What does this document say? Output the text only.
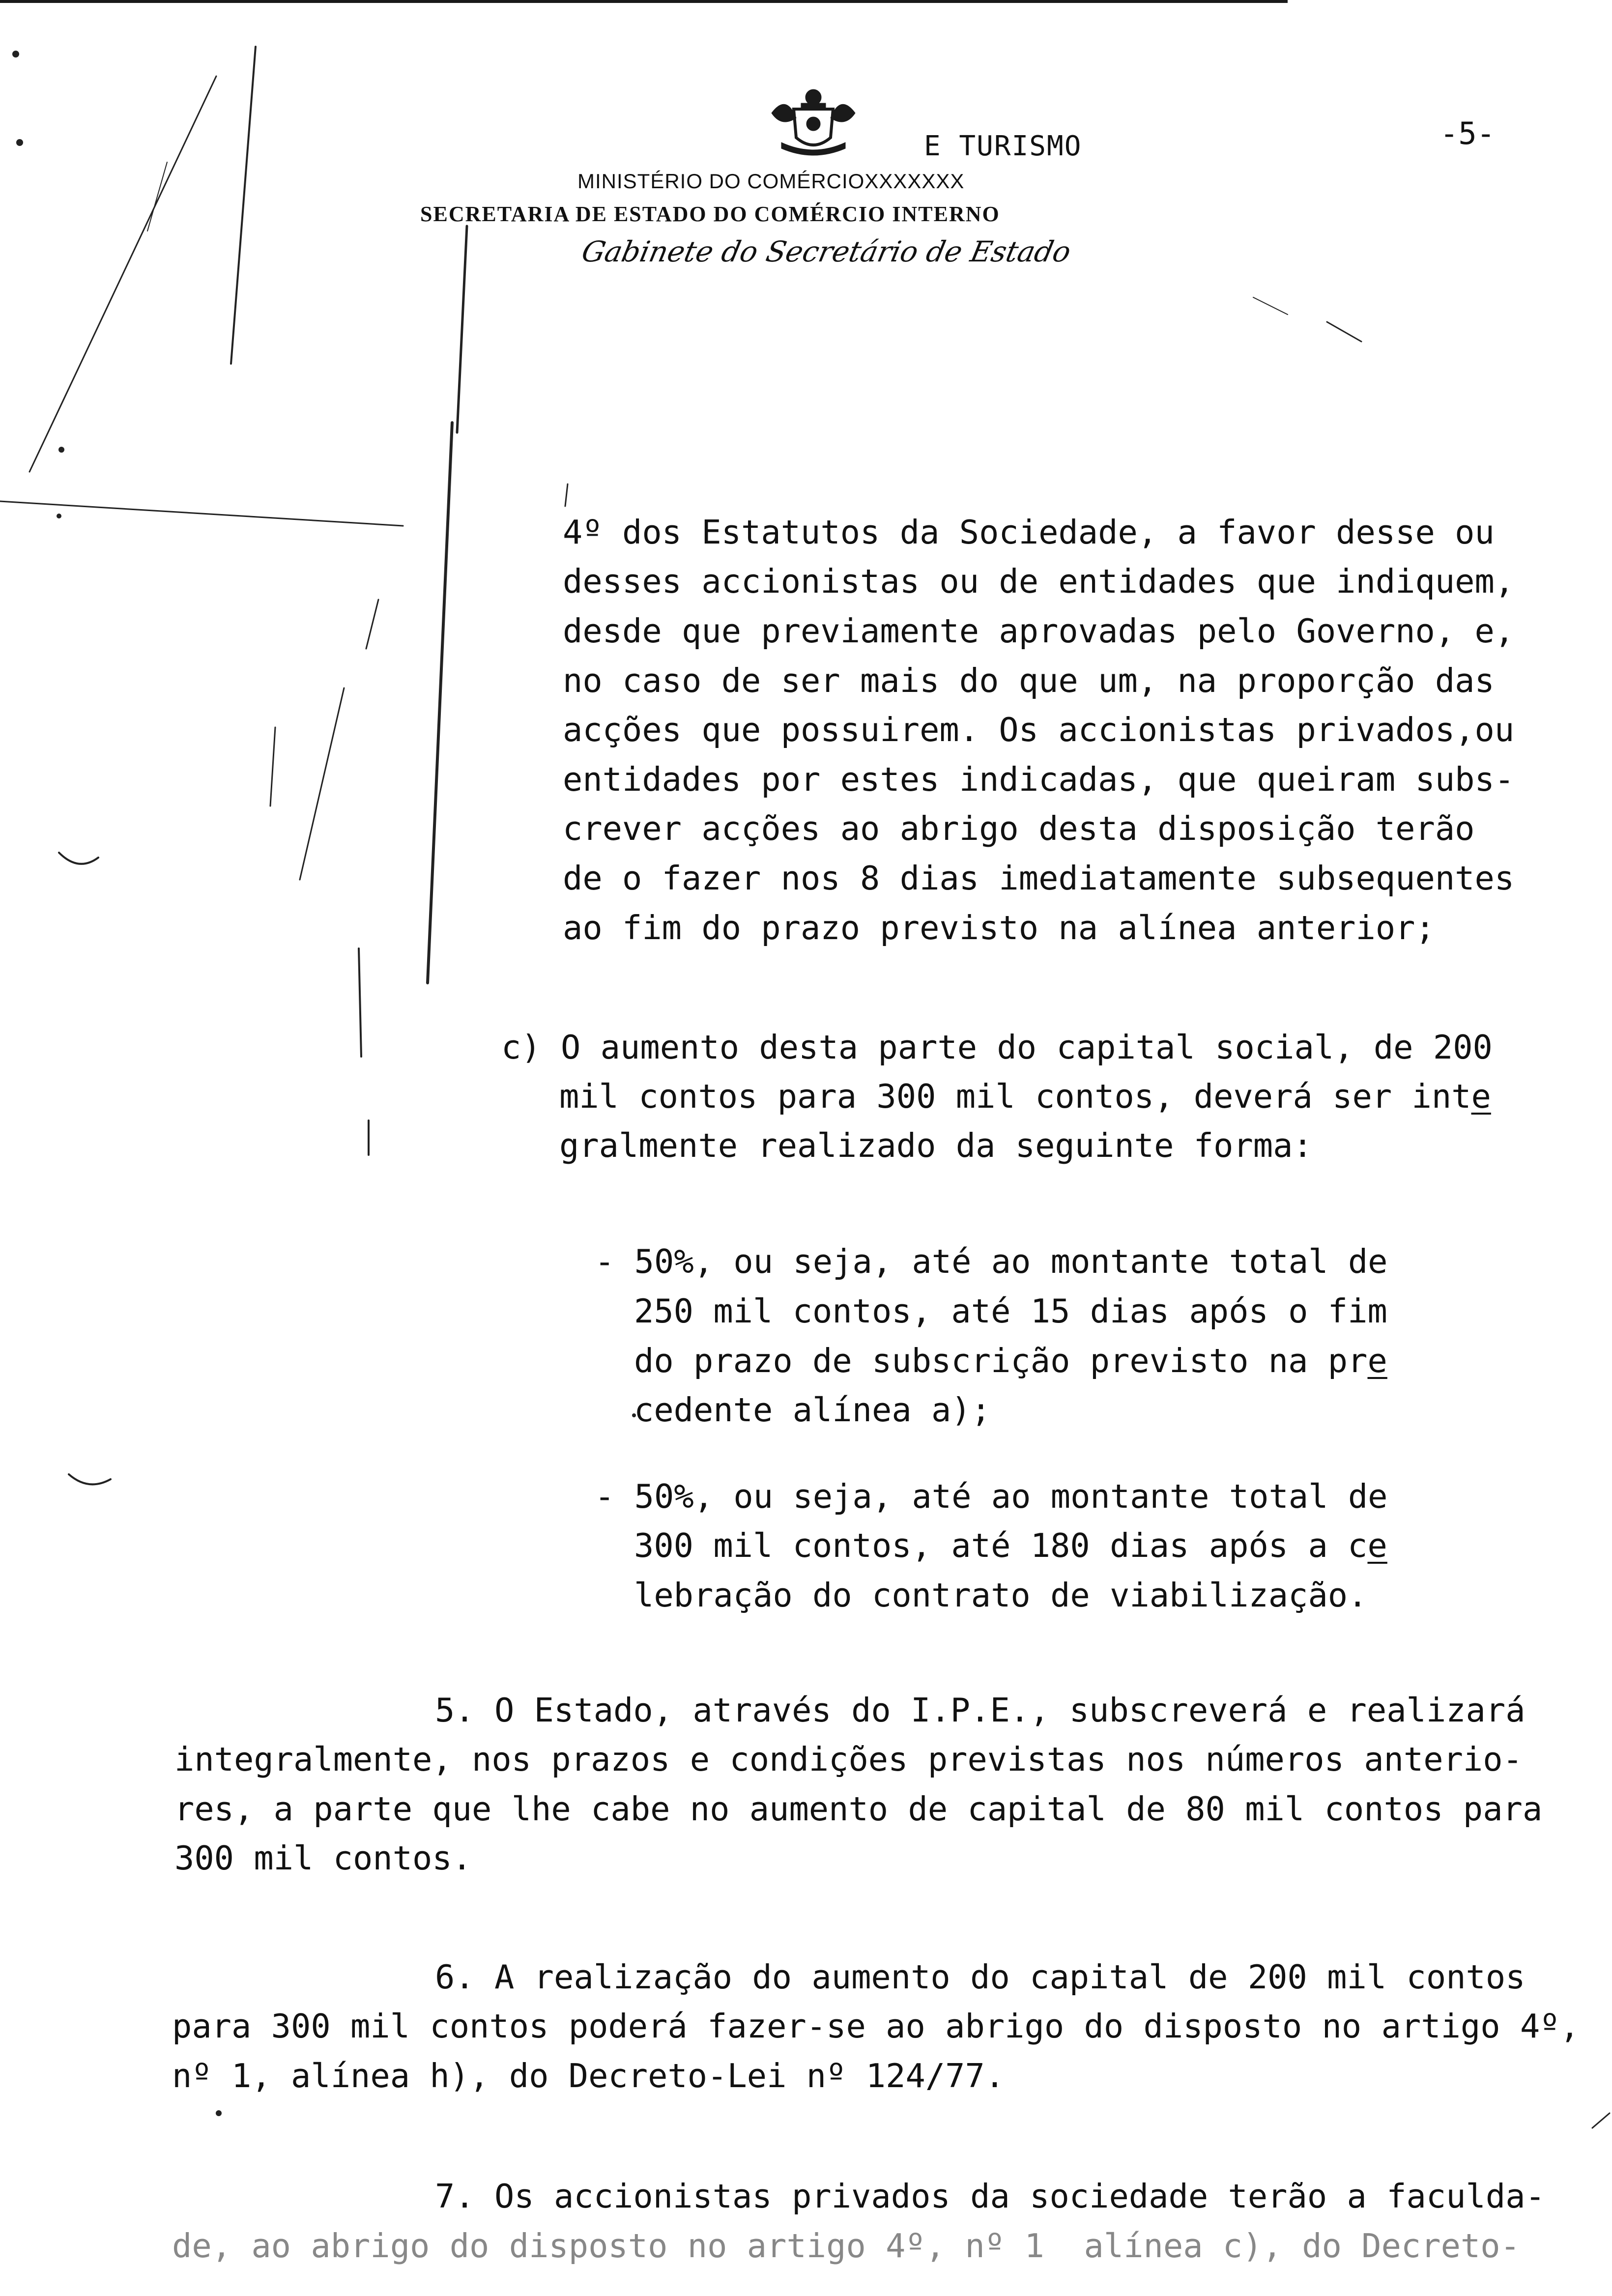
-5-
E TURISMO
MINISTÉRIO DO COMÉRCIOXXXXXXX
SECRETARIA DE ESTADO DO COMÉRCIO INTERNO
Gabinete do Secretário de Estado
4º dos Estatutos da Sociedade, a favor desse ou
desses accionistas ou de entidades que indiquem,
desde que previamente aprovadas pelo Governo, e,
no caso de ser mais do que um, na proporção das
acções que possuirem. Os accionistas privados,ou
entidades por estes indicadas, que queiram subs-
crever acções ao abrigo desta disposição terão
de o fazer nos 8 dias imediatamente subsequentes
ao fim do prazo previsto na alínea anterior;
c) O aumento desta parte do capital social, de 200
mil contos para 300 mil contos, deverá ser inte
gralmente realizado da seguinte forma:
- 50%, ou seja, até ao montante total de
250 mil contos, até 15 dias após o fim
do prazo de subscrição previsto na pre
cedente alínea a);
- 50%, ou seja, até ao montante total de
300 mil contos, até 180 dias após a ce
lebração do contrato de viabilização.
5. O Estado, através do I.P.E., subscreverá e realizará
integralmente, nos prazos e condições previstas nos números anterio-
res, a parte que lhe cabe no aumento de capital de 80 mil contos para
300 mil contos.
6. A realização do aumento do capital de 200 mil contos
para 300 mil contos poderá fazer-se ao abrigo do disposto no artigo 4º,
nº 1, alínea h), do Decreto-Lei nº 124/77.
7. Os accionistas privados da sociedade terão a faculda-
de, ao abrigo do disposto no artigo 4º, nº 1  alínea c), do Decreto-
